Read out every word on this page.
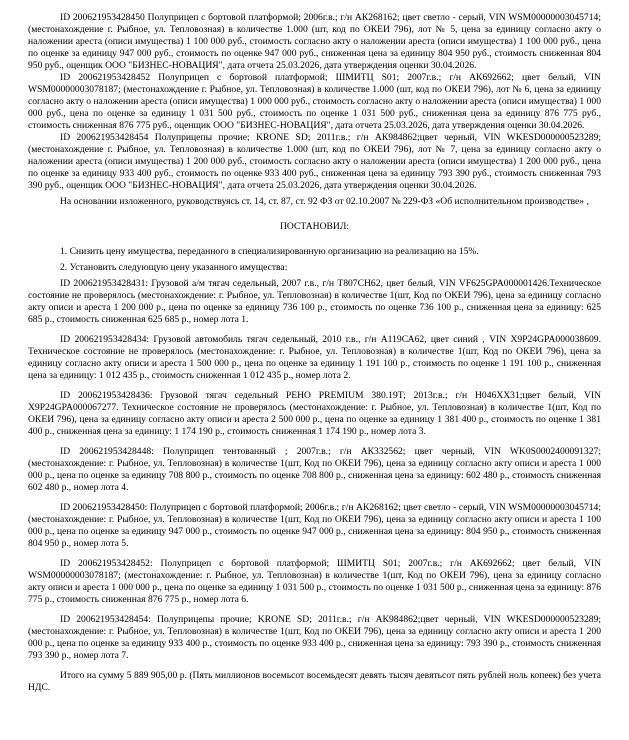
ID 200621953428450 Полуприцеп с бортовой платформой; 2006г.в.; г/н АК268162; цвет светло - серый, VIN WSM00000003045714; (местонахождение г. Рыбное, ул. Тепловозная) в количестве 1.000 (шт, код по ОКЕИ 796), лот № 5, цена за единицу согласно акту о наложении ареста (описи имущества) 1 100 000 руб., стоимость согласно акту о наложении ареста (описи имущества) 1 100 000 руб., цена по оценке за единицу 947 000 руб., стоимость по оценке 947 000 руб., сниженная цена за единицу 804 950 руб., стоимость сниженная 804 950 руб., оценщик ООО "БИЗНЕС-НОВАЦИЯ", дата отчета 25.03.2026, дата утверждения оценки 30.04.2026.

ID 200621953428452 Полуприцеп с бортовой платформой; ШМИТЦ S01; 2007г.в.; г/н АК692662; цвет белый, VIN WSM00000003078187; (местонахождение г. Рыбное, ул. Тепловозная) в количестве 1.000 (шт, код по ОКЕИ 796), лот № 6, цена за единицу согласно акту о наложении ареста (описи имущества) 1 000 000 руб., стоимость согласно акту о наложении ареста (описи имущества) 1 000 000 руб., цена по оценке за единицу 1 031 500 руб., стоимость по оценке 1 031 500 руб., сниженная цена за единицу 876 775 руб., стоимость сниженная 876 775 руб., оценщик ООО "БИЗНЕС-НОВАЦИЯ", дата отчета 25.03.2026, дата утверждения оценки 30.04.2026.

ID 200621953428454 Полуприцепы прочие; KRONE SD; 2011г.в.; г/н АК984862;цвет черный, VIN WKESD000000523289; (местонахождение г. Рыбное, ул. Тепловозная) в количестве 1.000 (шт, код по ОКЕИ 796), лот № 7, цена за единицу согласно акту о наложении ареста (описи имущества) 1 200 000 руб., стоимость согласно акту о наложении ареста (описи имущества) 1 200 000 руб., цена по оценке за единицу 933 400 руб., стоимость по оценке 933 400 руб., сниженная цена за единицу 793 390 руб., стоимость сниженная 793 390 руб., оценщик ООО "БИЗНЕС-НОВАЦИЯ", дата отчета 25.03.2026, дата утверждения оценки 30.04.2026.

На основании изложенного, руководствуясь ст. 14, ст. 87, ст. 92 ФЗ от 02.10.2007 № 229-ФЗ «Об исполнительном производстве» ,

ПОСТАНОВИЛ:

1. Снизить цену имущества, переданного в специализированную организацию на реализацию на 15%.

2. Установить следующую цену указанного имущества:

ID 200621953428431: Грузовой а/м тягач седельный, 2007 г.в., г/н Т807СН62, цвет белый, VIN VF625GPA000001426.Техническое состояние не проверялось (местонахождение: г. Рыбное, ул. Тепловозная) в количестве 1(шт, Код по ОКЕИ 796), цена за единицу согласно акту описи и ареста 1 200 000 р., цена по оценке за единицу 736 100 р., стоимость по оценке 736 100 р., сниженная цена за единицу: 625 685 р., стоимость сниженная 625 685 р., номер лота 1.

ID 200621953428434: Грузовой автомобиль тягач седельный, 2010 г.в., г/н А119СА62, цвет синий , VIN X9P24GPA000038609. Техническое состояние не проверялось (местонахождение: г. Рыбное, ул. Тепловозная) в количестве 1(шт, Код по ОКЕИ 796), цена за единицу согласно акту описи и ареста 1 500 000 р., цена по оценке за единицу 1 191 100 р., стоимость по оценке 1 191 100 р., сниженная цена за единицу: 1 012 435 р., стоимость сниженная 1 012 435 р., номер лота 2.

ID 200621953428436: Грузовой тягач седельный РЕНО PREMIUM 380.19T; 2013г.в.; г/н Н046ХХ31;цвет белый, VIN X9P24GPA000067277. Техническое состояние не проверялось (местонахождение: г. Рыбное, ул. Тепловозная) в количестве 1(шт, Код по ОКЕИ 796), цена за единицу согласно акту описи и ареста 2 500 000 р., цена по оценке за единицу 1 381 400 р., стоимость по оценке 1 381 400 р., сниженная цена за единицу: 1 174 190 р., стоимость сниженная 1 174 190 р., номер лота 3.

ID 200621953428448: Полуприцеп тентованный ; 2007г.в.; г/н АК332562; цвет черный, VIN WK0S0002400091327; (местонахождение: г. Рыбное, ул. Тепловозная) в количестве 1(шт, Код по ОКЕИ 796), цена за единицу согласно акту описи и ареста 1 000 000 р., цена по оценке за единицу 708 800 р., стоимость по оценке 708 800 р., сниженная цена за единицу: 602 480 р., стоимость сниженная 602 480 р., номер лота 4.

ID 200621953428450: Полуприцеп с бортовой платформой; 2006г.в.; г/н АК268162; цвет светло - серый, VIN WSM00000003045714; (местонахождение: г. Рыбное, ул. Тепловозная) в количестве 1(шт, Код по ОКЕИ 796), цена за единицу согласно акту описи и ареста 1 100 000 р., цена по оценке за единицу 947 000 р., стоимость по оценке 947 000 р., сниженная цена за единицу: 804 950 р., стоимость сниженная 804 950 р., номер лота 5.

ID 200621953428452: Полуприцеп с бортовой платформой; ШМИТЦ S01; 2007г.в.; г/н АК692662; цвет белый, VIN WSM00000003078187; (местонахождение: г. Рыбное, ул. Тепловозная) в количестве 1(шт, Код по ОКЕИ 796), цена за единицу согласно акту описи и ареста 1 000 000 р., цена по оценке за единицу 1 031 500 р., стоимость по оценке 1 031 500 р., сниженная цена за единицу: 876 775 р., стоимость сниженная 876 775 р., номер лота 6.

ID 200621953428454: Полуприцепы прочие; KRONE SD; 2011г.в.; г/н АК984862;цвет черный, VIN WKESD000000523289; (местонахождение: г. Рыбное, ул. Тепловозная) в количестве 1(шт, Код по ОКЕИ 796), цена за единицу согласно акту описи и ареста 1 200 000 р., цена по оценке за единицу 933 400 р., стоимость по оценке 933 400 р., сниженная цена за единицу: 793 390 р., стоимость сниженная 793 390 р., номер лота 7.

Итого на сумму 5 889 905,00 р. (Пять миллионов восемьсот восемьдесят девять тысяч девятьсот пять рублей ноль копеек) без учета НДС.
